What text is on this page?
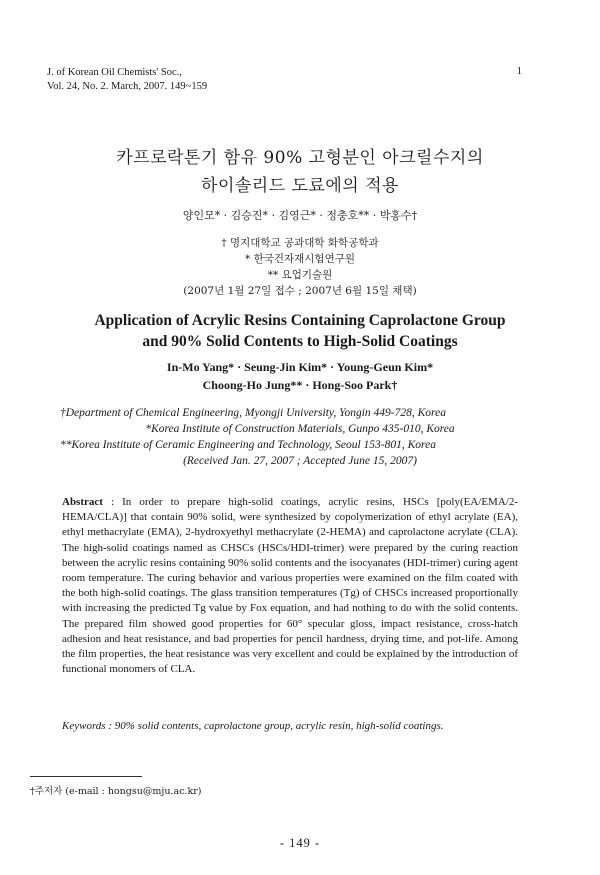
J. of Korean Oil Chemists' Soc.,
Vol. 24, No. 2. March, 2007. 149~159
1
카프로락톤기 함유 90% 고형분인 아크릴수지의
하이솔리드 도료에의 적용
양인모* · 김승진* · 김영근* · 정충호** · 박홍수†
† 명지대학교 공과대학 화학공학과
* 한국건자재시험연구원
** 요업기술원
(2007년 1월 27일 접수 ; 2007년 6월 15일 채택)
Application of Acrylic Resins Containing Caprolactone Group
and 90% Solid Contents to High-Solid Coatings
In-Mo Yang* · Seung-Jin Kim* · Young-Geun Kim*
Choong-Ho Jung** · Hong-Soo Park†
†Department of Chemical Engineering, Myongji University, Yongin 449-728, Korea
*Korea Institute of Construction Materials, Gunpo 435-010, Korea
**Korea Institute of Ceramic Engineering and Technology, Seoul 153-801, Korea
(Received Jan. 27, 2007 ; Accepted June 15, 2007)
Abstract : In order to prepare high-solid coatings, acrylic resins, HSCs [poly(EA/EMA/2-HEMA/CLA)] that contain 90% solid, were synthesized by copolymerization of ethyl acrylate (EA), ethyl methacrylate (EMA), 2-hydroxyethyl methacrylate (2-HEMA) and caprolactone acrylate (CLA). The high-solid coatings named as CHSCs (HSCs/HDI-trimer) were prepared by the curing reaction between the acrylic resins containing 90% solid contents and the isocyanates (HDI-trimer) curing agent room temperature. The curing behavior and various properties were examined on the film coated with the both high-solid coatings. The glass transition temperatures (Tg) of CHSCs increased proportionally with increasing the predicted Tg value by Fox equation, and had nothing to do with the solid contents. The prepared film showed good properties for 60° specular gloss, impact resistance, cross-hatch adhesion and heat resistance, and bad properties for pencil hardness, drying time, and pot-life. Among the film properties, the heat resistance was very excellent and could be explained by the introduction of functional monomers of CLA.
Keywords : 90% solid contents, caprolactone group, acrylic resin, high-solid coatings.
†주저자 (e-mail : hongsu@mju.ac.kr)
- 149 -
